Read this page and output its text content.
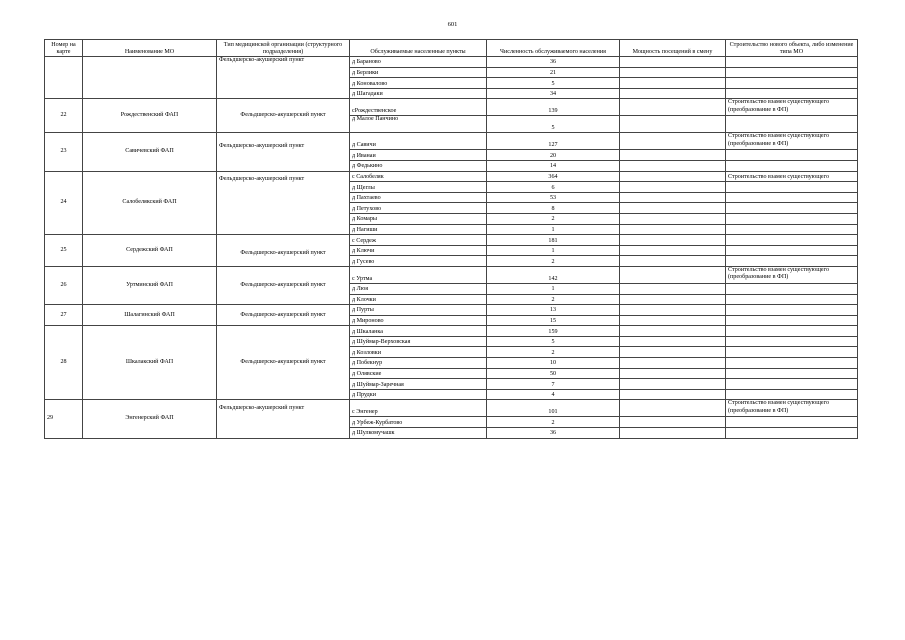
601
Номер на карте	Наименование МО	Тип медицинской организации (структурного подразделения)	Обслуживаемые населенные пункты	Численность обслуживаемого населения	Мощность посещений в смену	Строительство нового объекта, либо изменение типа МО
		Фельдшерско-акушерский пункт	д Бараново	36		
			д Берлики	21		
			д Коновалово	5		
			д Шагадаки	34		
22	Рождественский ФАП	Фельдшерско-акушерский пункт	сРождественское	139		Строительство взамен существующего (преобразование в ФП)
			д Малое Панчино	5		
23	Савичевский ФАП	Фельдшерско-акушерский пункт	д Савичи	127		Строительство взамен существующего (преобразование в ФП)
			д Иванаи	20		
			д Федькино	14		
24	Салобелякский ФАП	Фельдшерско-акушерский пункт	с Салобеляк	364		Строительство взамен существующего
			д Щеглы	6		
			д Пахтаево	53		
			д Петухово	8		
			д Комары	2		
			д Нагиши	1		
25	Сердежский ФАП	Фельдшерско-акушерский пункт	с Сердеж	181		
			д Ключи	1		
			д Гусево	2		
26	Уртминский ФАП	Фельдшерско-акушерский пункт	с Уртма	142		Строительство взамен существующего (преобразование в ФП)
			д Люя	1		
			д Клочки	2		
27	Шалагинский ФАП	Фельдшерско-акушерский пункт	д Пурты	13		
			д Мироново	15		
28	Шкалакский ФАП	Фельдшерско-акушерский пункт	д Шкаланка	159		
			д Шуймар-Верховская	5		
			д Козловки	2		
			д Побекнур	10		
			д Олявские	50		
			д Шуймар-Заречная	7		
			д Прудки	4		
29	Энгенерский ФАП	Фельдшерско-акушерский пункт	с Энгенер	101		Строительство взамен существующего (преобразование в ФП)
			д Урбеж-Курбатово	2		
			д Шулкомучашк	36		
